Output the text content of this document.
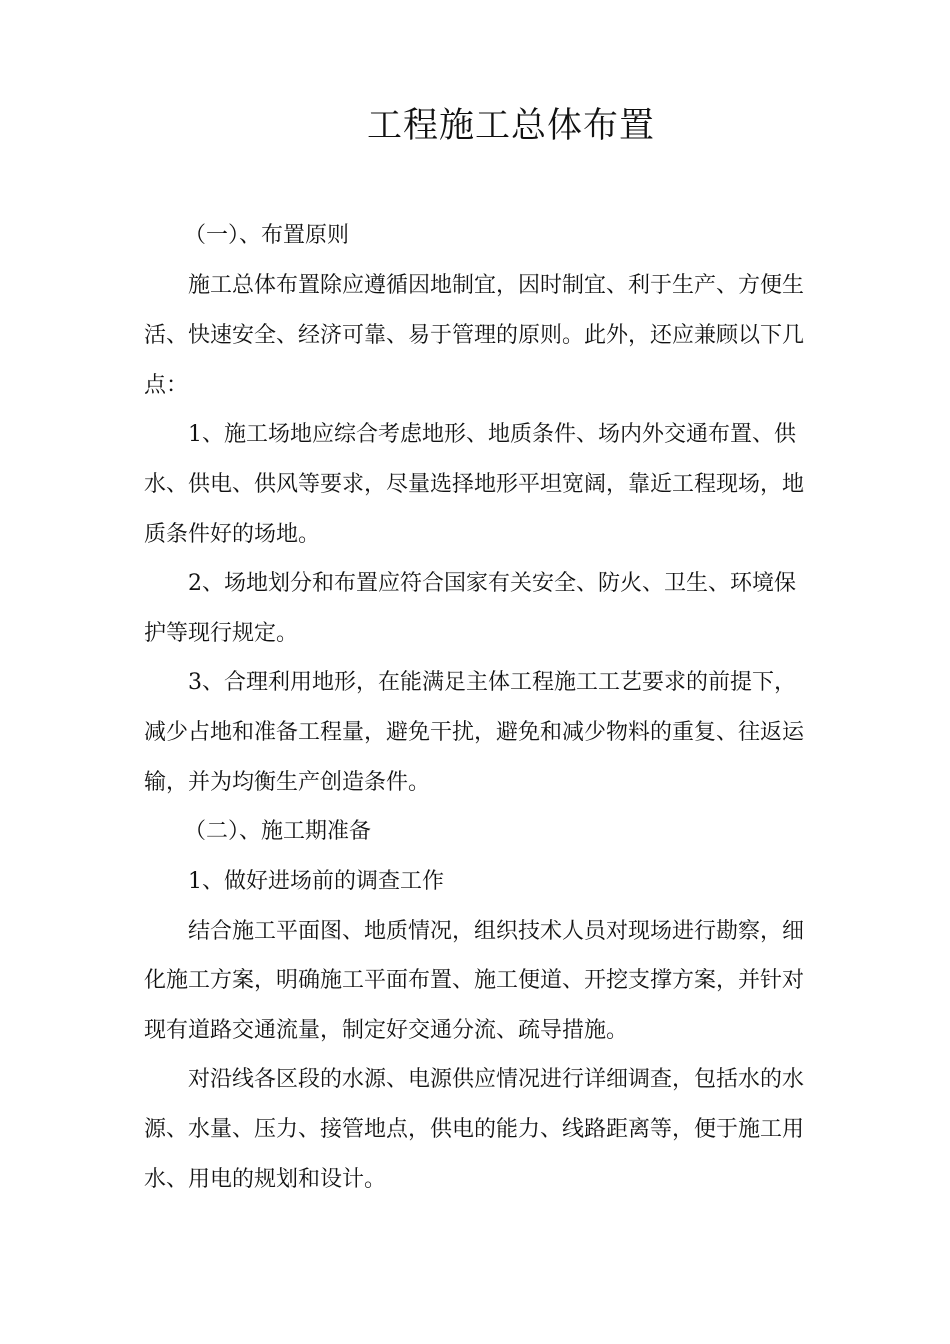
工程施工总体布置

（一）、布置原则

施工总体布置除应遵循因地制宜，因时制宜、利于生产、方便生

活、快速安全、经济可靠、易于管理的原则。此外，还应兼顾以下几

点：

1、施工场地应综合考虑地形、地质条件、场内外交通布置、供

水、供电、供风等要求，尽量选择地形平坦宽阔，靠近工程现场，地

质条件好的场地。

2、场地划分和布置应符合国家有关安全、防火、卫生、环境保

护等现行规定。

3、合理利用地形，在能满足主体工程施工工艺要求的前提下，

减少占地和准备工程量，避免干扰，避免和减少物料的重复、往返运

输，并为均衡生产创造条件。

（二）、施工期准备

1、做好进场前的调查工作

结合施工平面图、地质情况，组织技术人员对现场进行勘察，细

化施工方案，明确施工平面布置、施工便道、开挖支撑方案，并针对

现有道路交通流量，制定好交通分流、疏导措施。

对沿线各区段的水源、电源供应情况进行详细调查，包括水的水

源、水量、压力、接管地点，供电的能力、线路距离等，便于施工用

水、用电的规划和设计。
